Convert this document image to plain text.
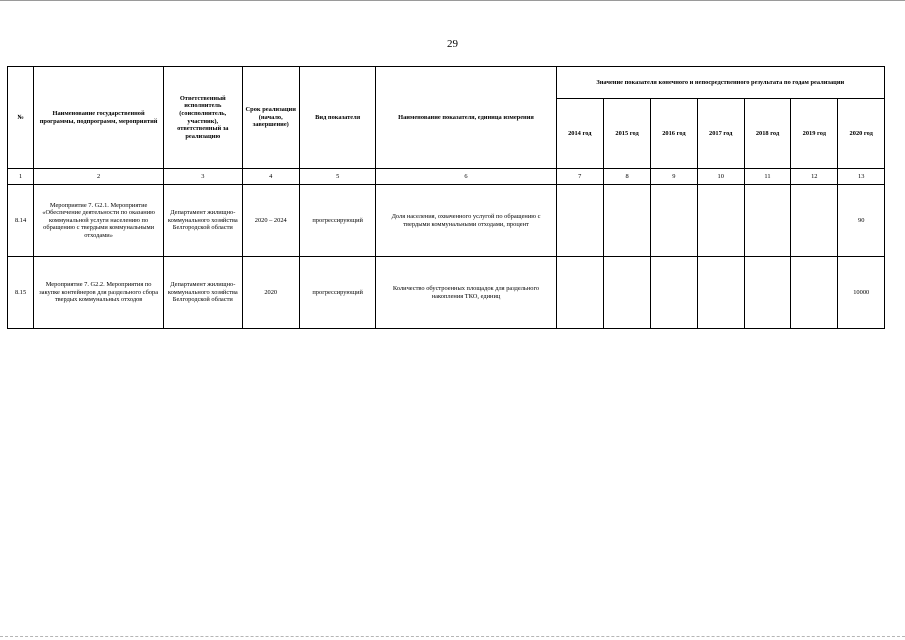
29
№	Наименование государственной программы, подпрограмм, мероприятий	Ответственный исполнитель (соисполнитель, участник), ответственный за реализацию	Срок реализации (начало, завершение)	Вид показателя	Наименование показателя, единица измерения	Значение показателя конечного и непосредственного результата по годам реализации						
						2014 год	2015 год	2016 год	2017 год	2018 год	2019 год	2020 год
1	2	3	4	5	6	7	8	9	10	11	12	13
8.14	Мероприятие 7. G2.1. Мероприятие «Обеспечение деятельности по оказанию коммунальной услуги населению по обращению с твердыми коммунальными отходами»	Департамент жилищно-коммунального хозяйства Белгородской области	2020 – 2024	прогрессирующий	Доля населения, охваченного услугой по обращению с твердыми коммунальными отходами, процент							90
8.15	Мероприятие 7. G2.2. Мероприятия по закупке контейнеров для раздельного сбора твердых коммунальных отходов	Департамент жилищно-коммунального хозяйства Белгородской области	2020	прогрессирующий	Количество обустроенных площадок для раздельного накопления ТКО, единиц							10000
